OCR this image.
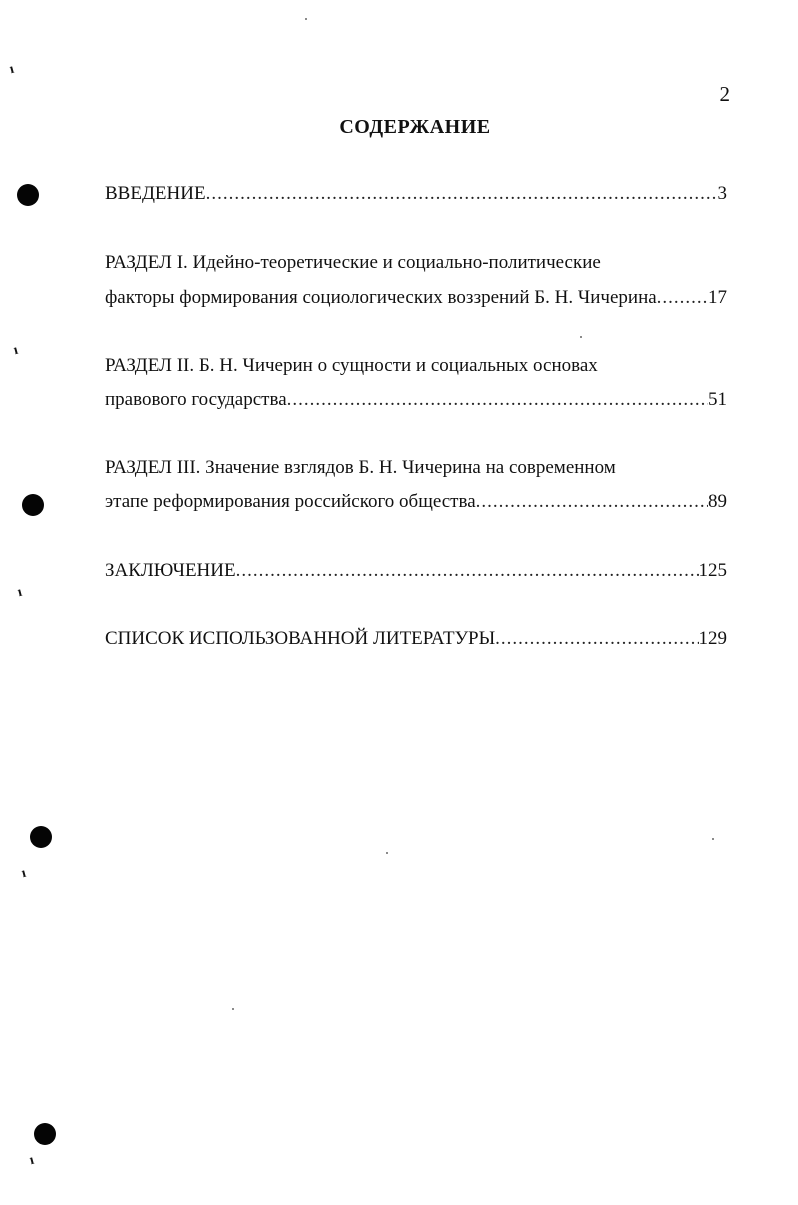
ı
ı
ı
ı
ı
2
СОДЕРЖАНИЕ
ВВЕДЕНИЕ .....	3
РАЗДЕЛ I. Идейно-теоретические и социально-политические
факторы формирования социологических воззрений Б. Н. Чичерина .....	17
РАЗДЕЛ II. Б. Н. Чичерин о сущности и социальных основах
правового государства .....	51
РАЗДЕЛ III. Значение взглядов Б. Н. Чичерина на современном
этапе реформирования российского общества .....	89
ЗАКЛЮЧЕНИЕ .....	125
СПИСОК ИСПОЛЬЗОВАННОЙ ЛИТЕРАТУРЫ .....	129
